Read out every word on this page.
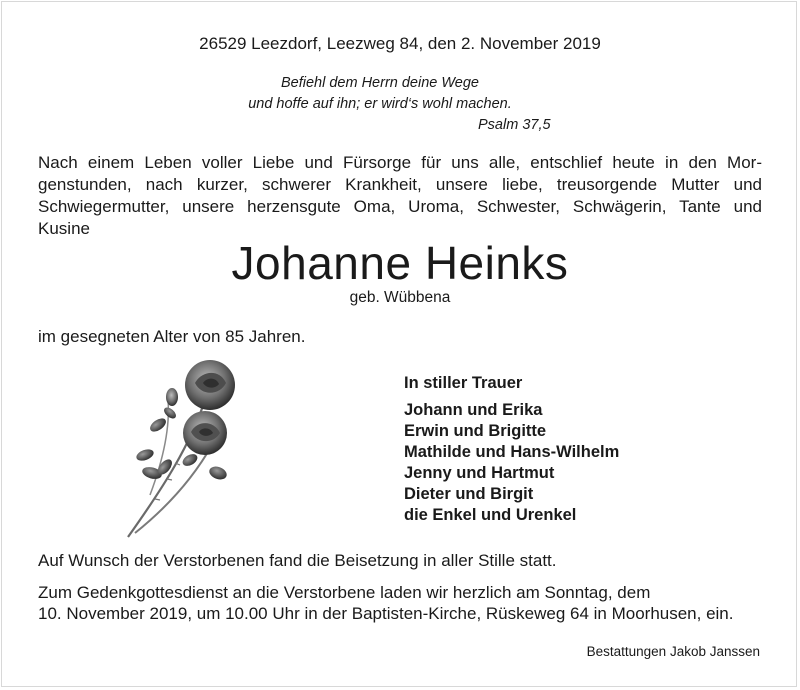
26529 Leezdorf, Leezweg 84, den 2. November 2019
Befiehl dem Herrn deine Wege
und hoffe auf ihn; er wird‘s wohl machen.
Psalm 37,5
Nach einem Leben voller Liebe und Fürsorge für uns alle, entschlief heute in den Mor-
genstunden, nach kurzer, schwerer Krankheit, unsere liebe, treusorgende Mutter und
Schwiegermutter, unsere herzensgute Oma, Uroma, Schwester, Schwägerin, Tante und
Kusine
Johanne Heinks
geb. Wübbena
im gesegneten Alter von 85 Jahren.
In stiller Trauer
Johann und Erika
Erwin und Brigitte
Mathilde und Hans-Wilhelm
Jenny und Hartmut
Dieter und Birgit
die Enkel und Urenkel
Auf Wunsch der Verstorbenen fand die Beisetzung in aller Stille statt.
Zum Gedenkgottesdienst an die Verstorbene laden wir herzlich am Sonntag, dem
10. November 2019, um 10.00 Uhr in der Baptisten-Kirche, Rüskeweg 64 in Moorhusen, ein.
Bestattungen Jakob Janssen
